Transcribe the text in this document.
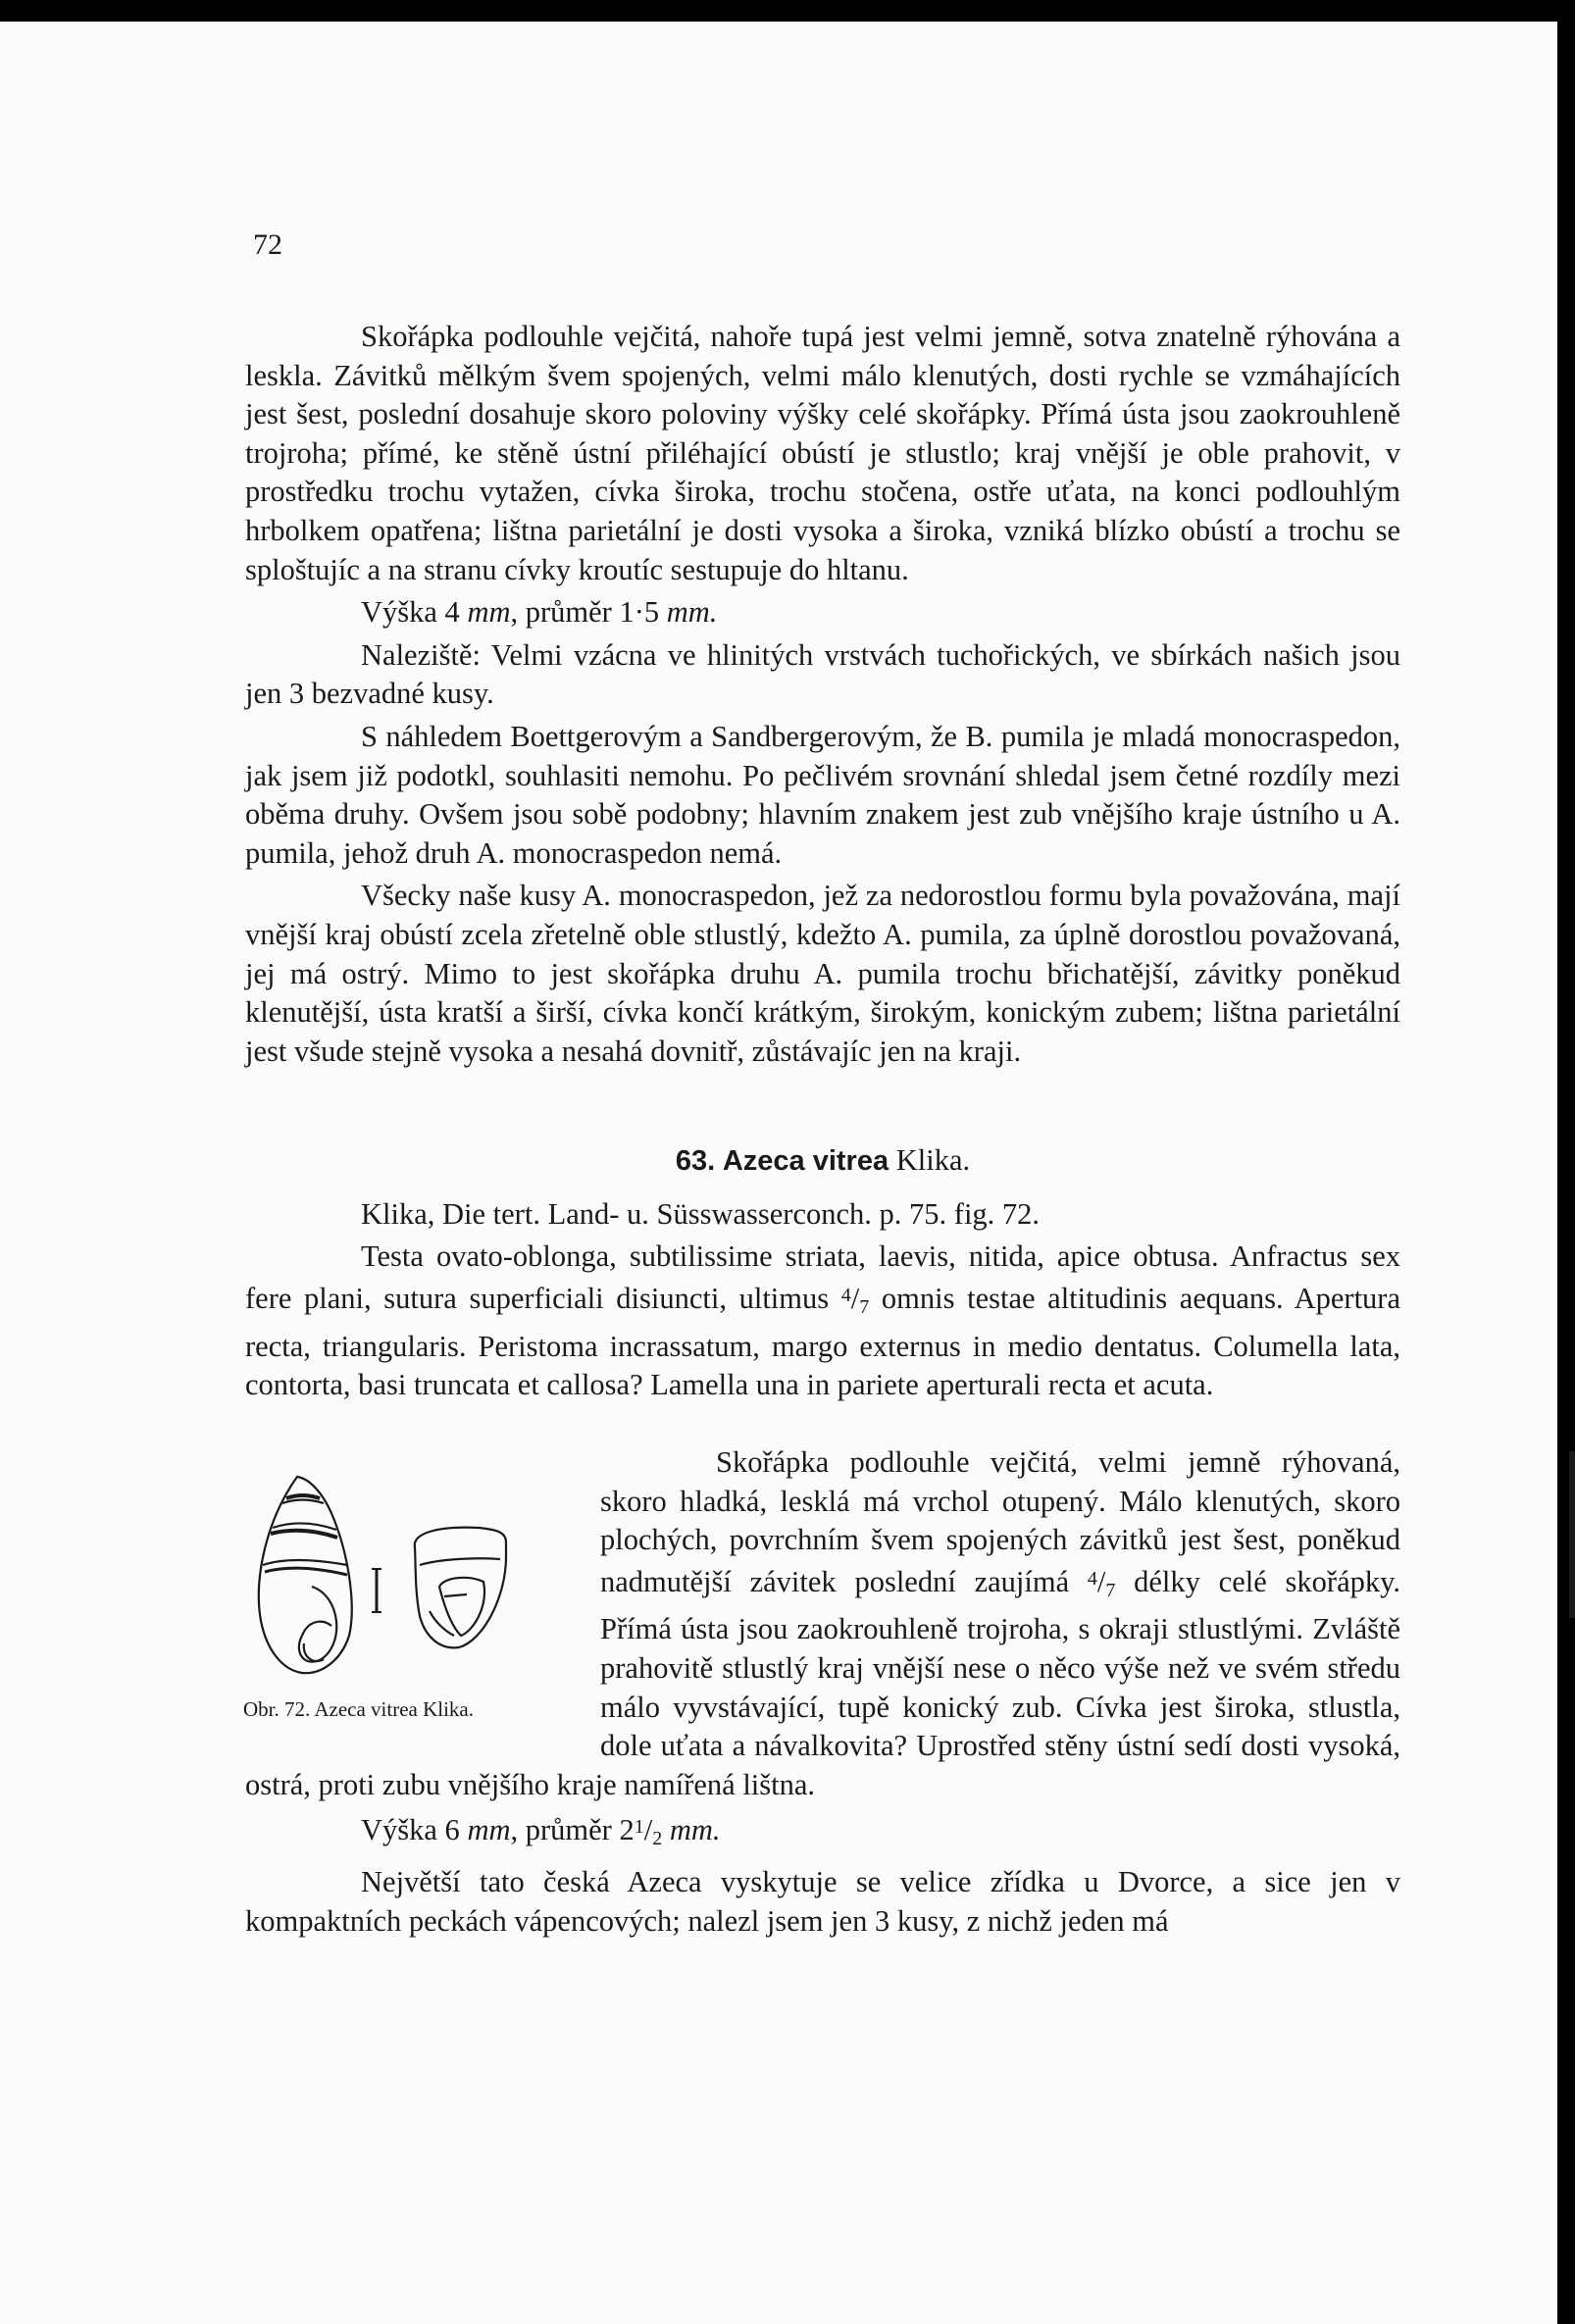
72

Skořápka podlouhle vejčitá, nahoře tupá jest velmi jemně, sotva znatelně rýhována a leskla. Závitků mělkým švem spojených, velmi málo klenutých, dosti rychle se vzmáhajících jest šest, poslední dosahuje skoro poloviny výšky celé skořápky. Přímá ústa jsou zaokrouhleně trojroha; přímé, ke stěně ústní přiléhající obústí je stlustlo; kraj vnější je oble prahovit, v prostředku trochu vytažen, cívka široka, trochu stočena, ostře uťata, na konci podlouhlým hrbolkem opatřena; lištna parietální je dosti vysoka a široka, vzniká blízko obústí a trochu se sploštujíc a na stranu cívky kroutíc sestupuje do hltanu.

Výška 4 mm, průměr 1·5 mm.

Naleziště: Velmi vzácna ve hlinitých vrstvách tuchořických, ve sbírkách našich jsou jen 3 bezvadné kusy.

S náhledem Boettgerovým a Sandbergerovým, že B. pumila je mladá monocraspedon, jak jsem již podotkl, souhlasiti nemohu. Po pečlivém srovnání shledal jsem četné rozdíly mezi oběma druhy. Ovšem jsou sobě podobny; hlavním znakem jest zub vnějšího kraje ústního u A. pumila, jehož druh A. monocraspedon nemá.

Všecky naše kusy A. monocraspedon, jež za nedorostlou formu byla považována, mají vnější kraj obústí zcela zřetelně oble stlustlý, kdežto A. pumila, za úplně dorostlou považovaná, jej má ostrý. Mimo to jest skořápka druhu A. pumila trochu břichatější, závitky poněkud klenutější, ústa kratší a širší, cívka končí krátkým, širokým, konickým zubem; lištna parietální jest všude stejně vysoka a nesahá dovnitř, zůstávajíc jen na kraji.

63. Azeca vitrea Klika.

Klika, Die tert. Land- u. Süsswasserconch. p. 75. fig. 72.

Testa ovato-oblonga, subtilissime striata, laevis, nitida, apice obtusa. Anfractus sex fere plani, sutura superficiali disiuncti, ultimus $^4$/7 omnis testae altitudinis aequans. Apertura recta, triangularis. Peristoma incrassatum, margo externus in medio dentatus. Columella lata, contorta, basi truncata et callosa? Lamella una in pariete aperturali recta et acuta.

Obr. 72. Azeca vitrea Klika.

Skořápka podlouhle vejčitá, velmi jemně rýhovaná, skoro hladká, lesklá má vrchol otupený. Málo klenutých, skoro plochých, povrchním švem spojených závitků jest šest, poněkud nadmutější závitek poslední zaujímá $^4$/7 délky celé skořápky. Přímá ústa jsou zaokrouhleně trojroha, s okraji stlustlými. Zvláště prahovitě stlustlý kraj vnější nese o něco výše než ve svém středu málo vyvstávající, tupě konický zub. Cívka jest široka, stlustla, dole uťata a návalkovita? Uprostřed stěny ústní sedí dosti vysoká, ostrá, proti zubu vnějšího kraje namířená lištna.

Výška 6 mm, průměr $2^1/2$ mm.

Největší tato česká Azeca vyskytuje se velice zřídka u Dvorce, a sice jen v kompaktních peckách vápencových; nalezl jsem jen 3 kusy, z nichž jeden má
